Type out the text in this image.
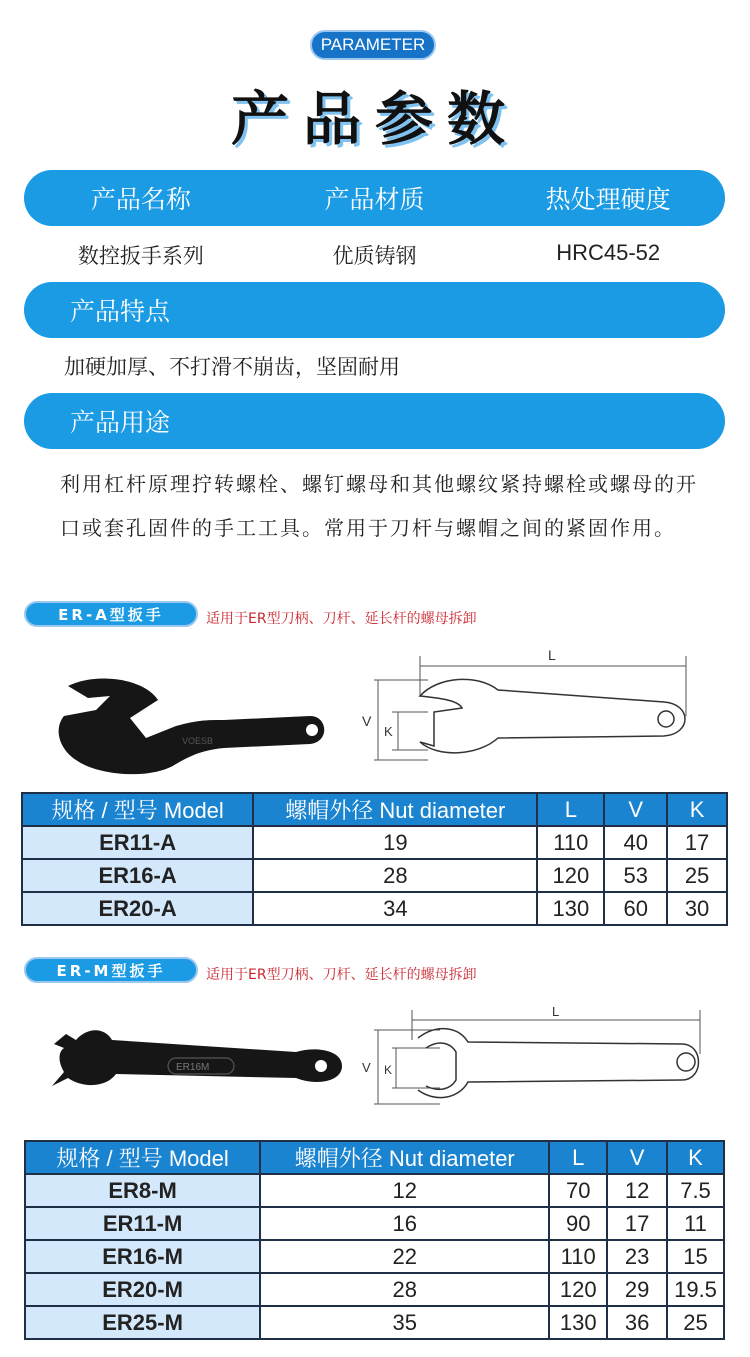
PARAMETER
产品参数
产品名称	产品材质	热处理硬度
数控扳手系列	优质铸钢	HRC45-52
产品特点
加硬加厚、不打滑不崩齿，坚固耐用
产品用途
利用杠杆原理拧转螺栓、螺钉螺母和其他螺纹紧持螺栓或螺母的开口或套孔固件的手工工具。常用于刀杆与螺帽之间的紧固作用。
ER-A型扳手	适用于ER型刀柄、刀杆、延长杆的螺母拆卸
VOESB
L
V
K
规格 / 型号 Model	螺帽外径 Nut diameter	L	V	K
ER11-A	19	110	40	17
ER16-A	28	120	53	25
ER20-A	34	130	60	30
ER-M型扳手	适用于ER型刀柄、刀杆、延长杆的螺母拆卸
ER16M
L
V K
规格 / 型号 Model	螺帽外径 Nut diameter	L	V	K
ER8-M	12	70	12	7.5
ER11-M	16	90	17	11
ER16-M	22	110	23	15
ER20-M	28	120	29	19.5
ER25-M	35	130	36	25
